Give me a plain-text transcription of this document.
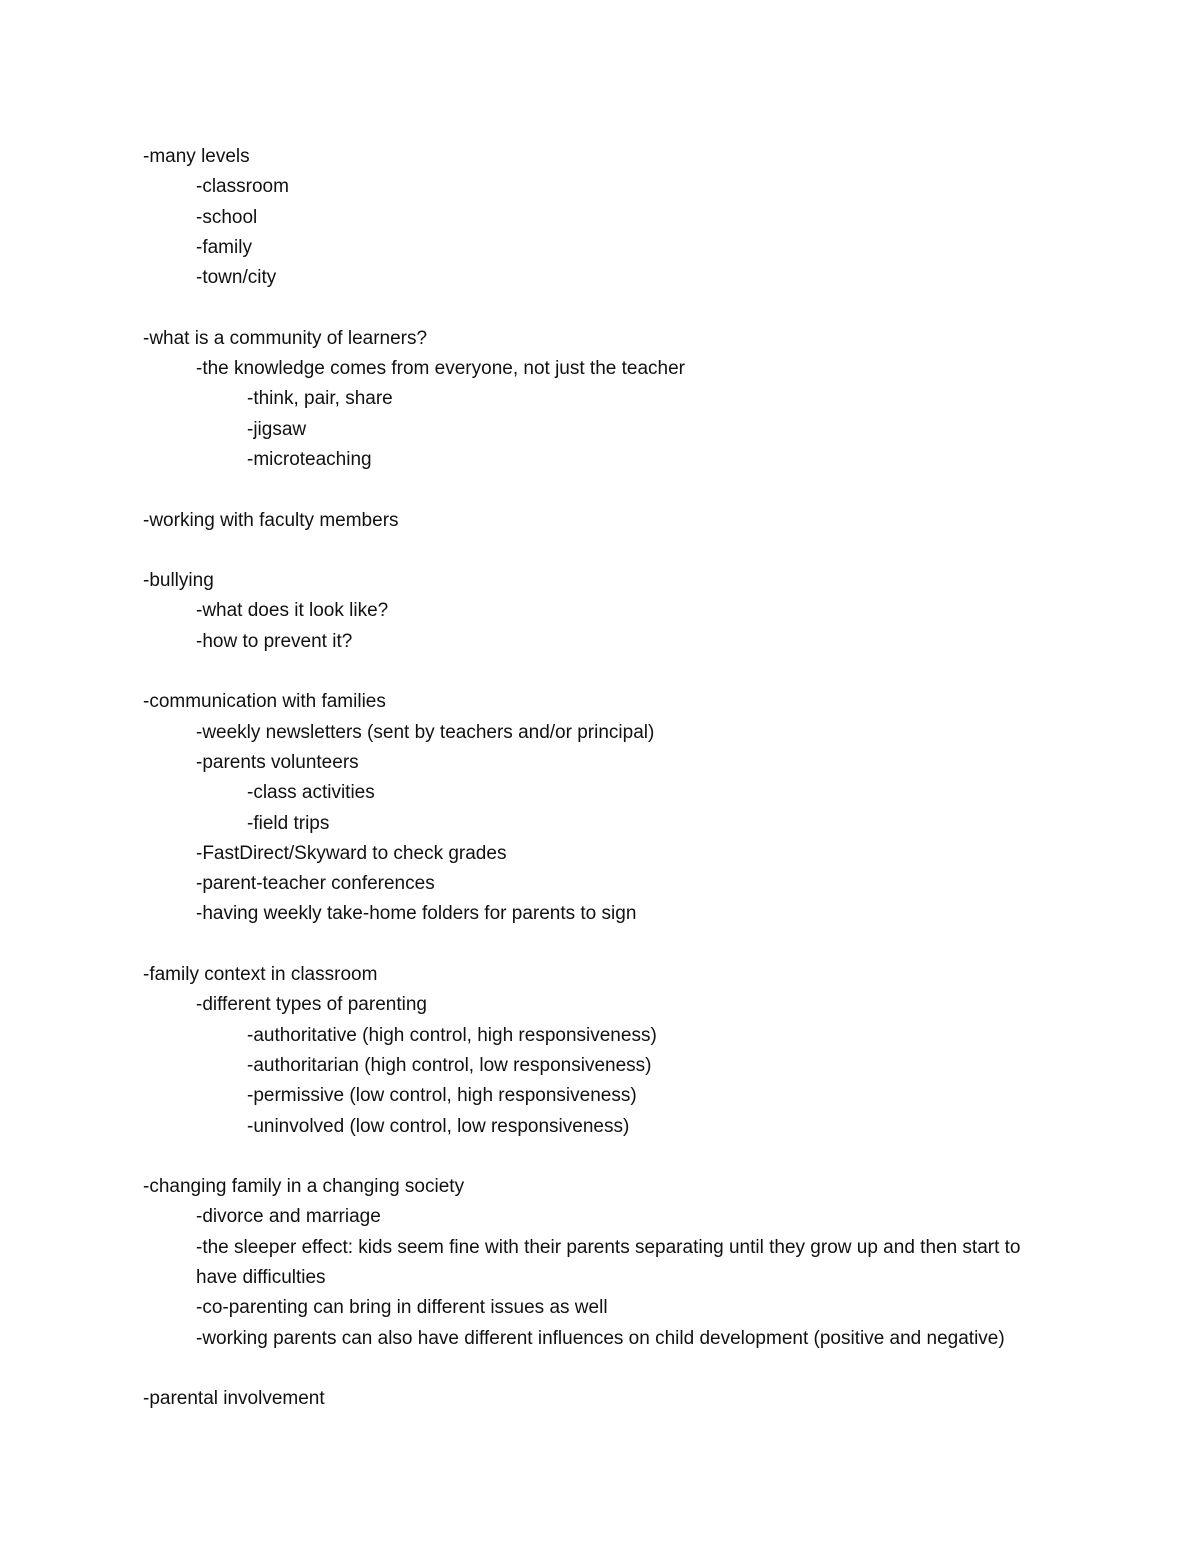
-many levels
-classroom
-school
-family
-town/city
-what is a community of learners?
-the knowledge comes from everyone, not just the teacher
-think, pair, share
-jigsaw
-microteaching
-working with faculty members
-bullying
-what does it look like?
-how to prevent it?
-communication with families
-weekly newsletters (sent by teachers and/or principal)
-parents volunteers
-class activities
-field trips
-FastDirect/Skyward to check grades
-parent-teacher conferences
-having weekly take-home folders for parents to sign
-family context in classroom
-different types of parenting
-authoritative (high control, high responsiveness)
-authoritarian (high control, low responsiveness)
-permissive (low control, high responsiveness)
-uninvolved (low control, low responsiveness)
-changing family in a changing society
-divorce and marriage
-the sleeper effect: kids seem fine with their parents separating until they grow up and then start to have difficulties
-co-parenting can bring in different issues as well
-working parents can also have different influences on child development (positive and negative)
-parental involvement
